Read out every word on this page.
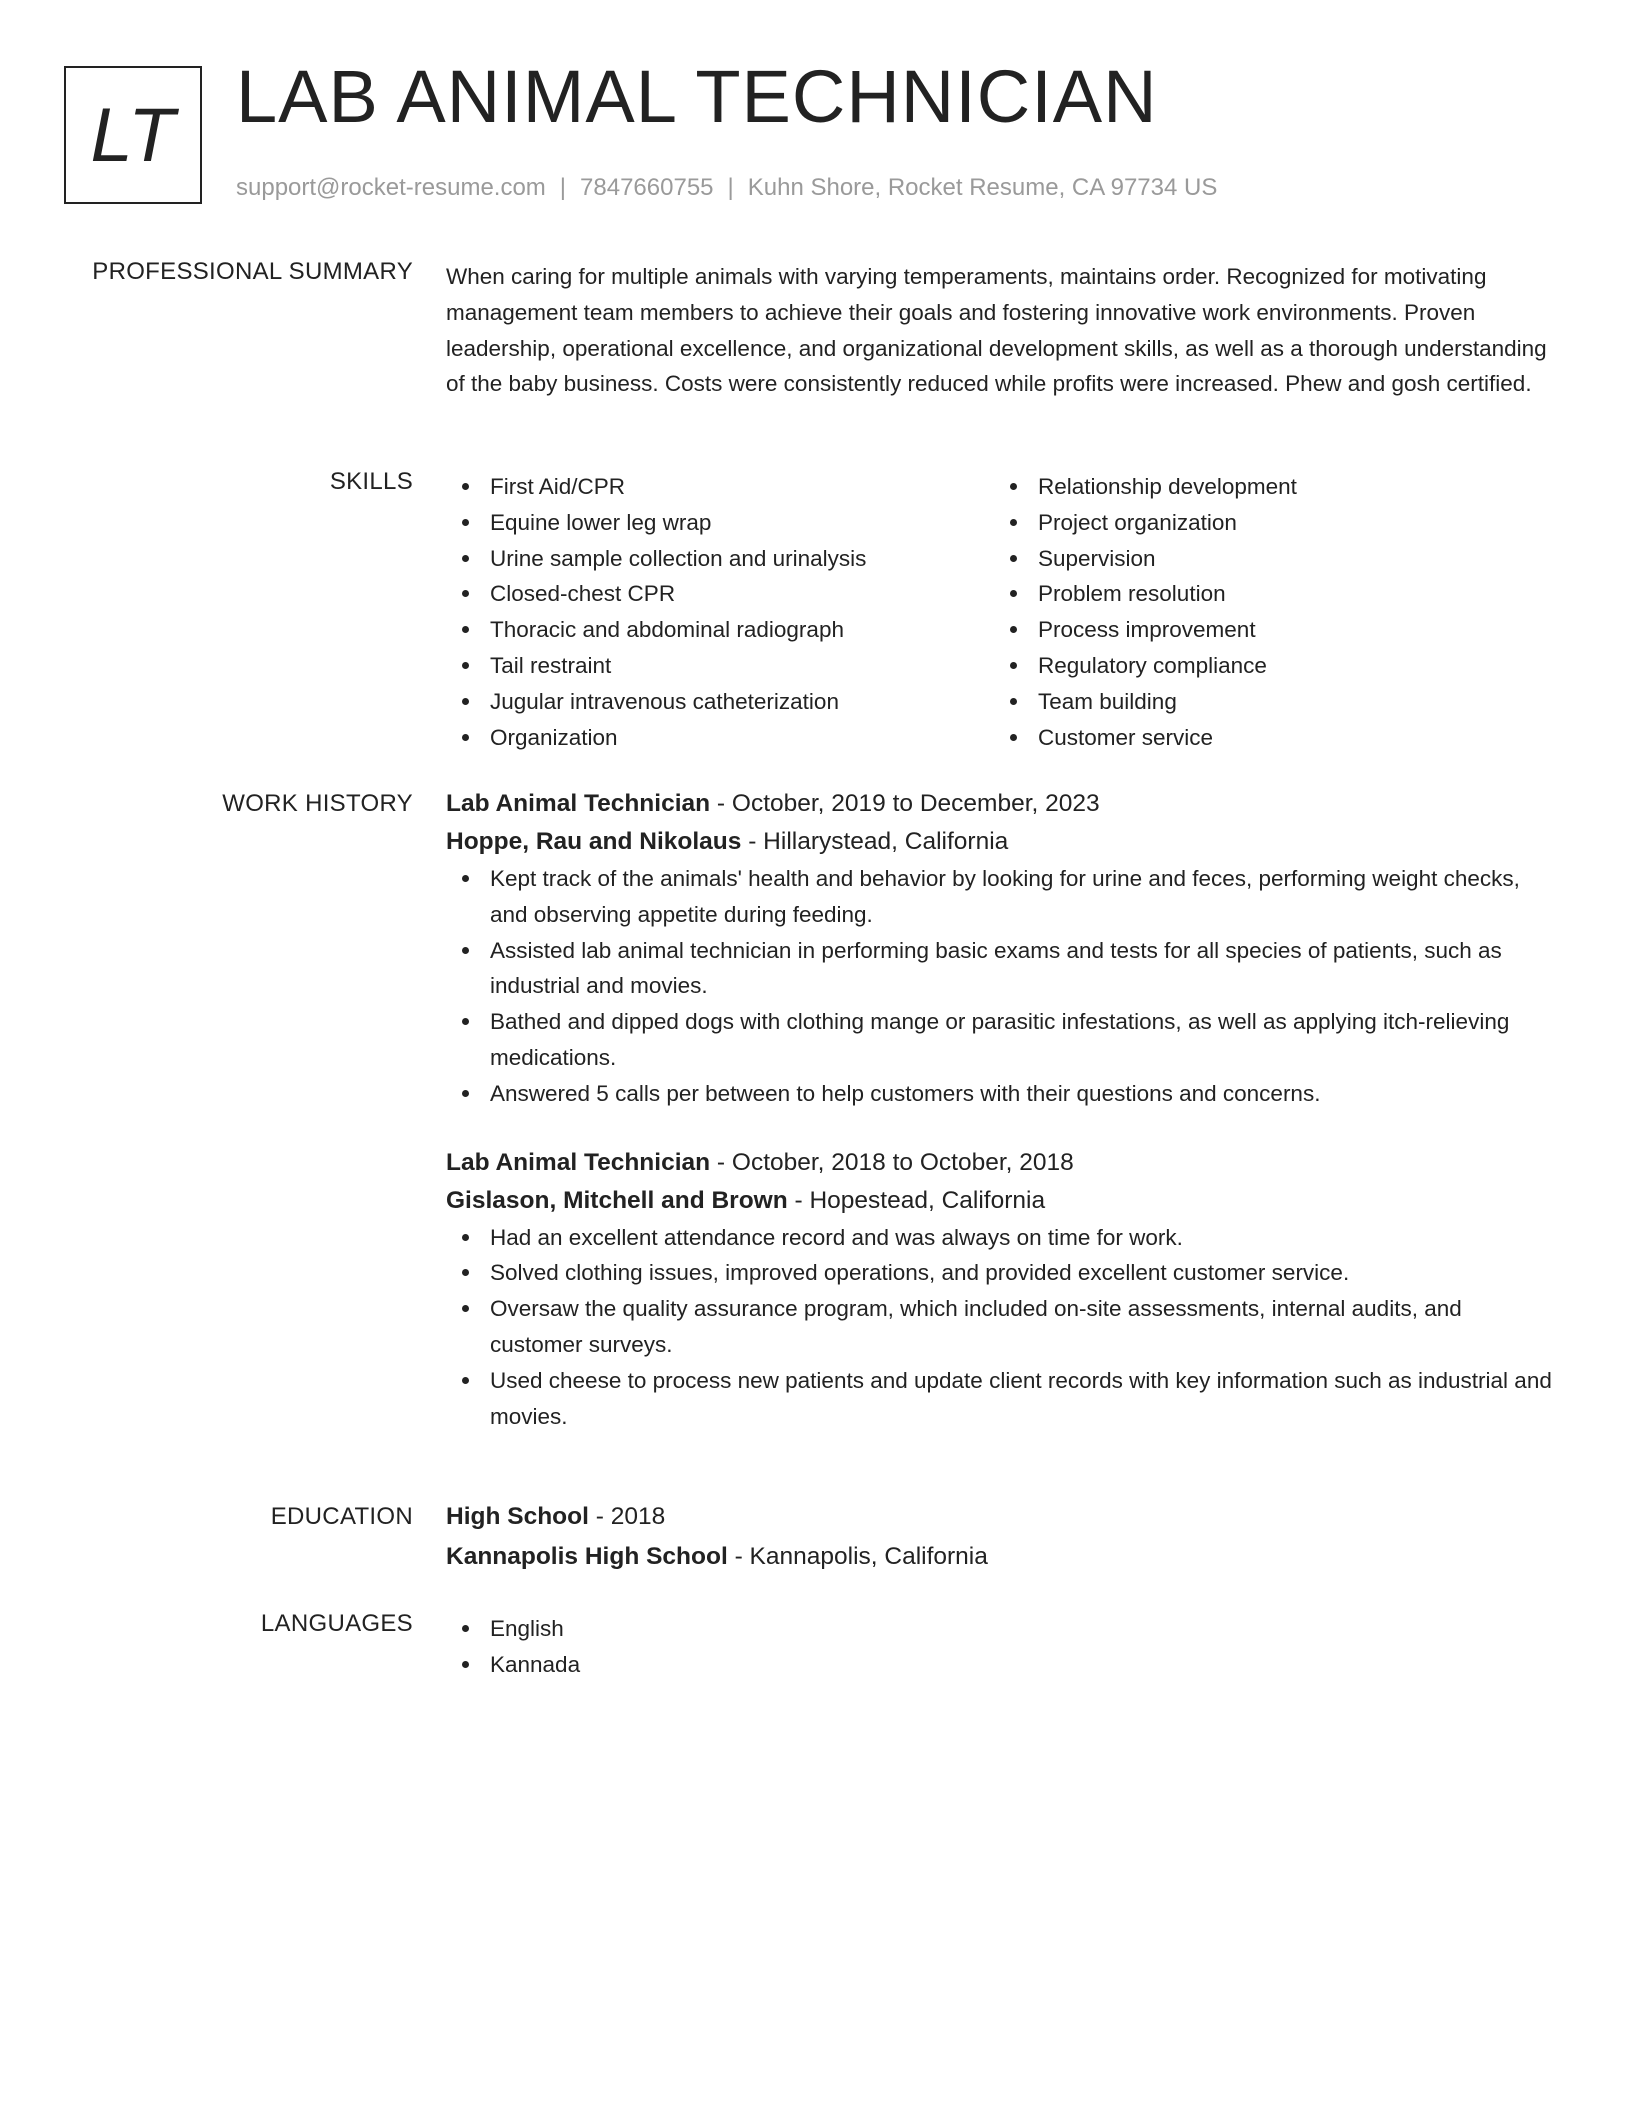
LT LAB ANIMAL TECHNICIAN
support@rocket-resume.com | 7847660755 | Kuhn Shore, Rocket Resume, CA 97734 US
PROFESSIONAL SUMMARY When caring for multiple animals with varying temperaments, maintains order. Recognized for motivating management team members to achieve their goals and fostering innovative work environments. Proven leadership, operational excellence, and organizational development skills, as well as a thorough understanding of the baby business. Costs were consistently reduced while profits were increased. Phew and gosh certified.

SKILLS	First Aid/CPR
Equine lower leg wrap
Urine sample collection and urinalysis
Closed-chest CPR
Thoracic and abdominal radiograph
Tail restraint
Jugular intravenous catheterization
Organization
Relationship development
Project organization
Supervision
Problem resolution
Process improvement
Regulatory compliance
Team building
Customer service
WORK HISTORY Lab Animal Technician - October, 2019 to December, 2023
Hoppe, Rau and Nikolaus - Hillarystead, California
Kept track of the animals' health and behavior by looking for urine and feces, performing weight checks, and observing appetite during feeding.
Assisted lab animal technician in performing basic exams and tests for all species of patients, such as industrial and movies.
Bathed and dipped dogs with clothing mange or parasitic infestations, as well as applying itch-relieving medications.
Answered 5 calls per between to help customers with their questions and concerns.
Lab Animal Technician - October, 2018 to October, 2018
Gislason, Mitchell and Brown - Hopestead, California
Had an excellent attendance record and was always on time for work.
Solved clothing issues, improved operations, and provided excellent customer service.
Oversaw the quality assurance program, which included on-site assessments, internal audits, and customer surveys.
Used cheese to process new patients and update client records with key information such as industrial and movies.
EDUCATION High School - 2018
Kannapolis High School - Kannapolis, California
LANGUAGES	English
Kannada
